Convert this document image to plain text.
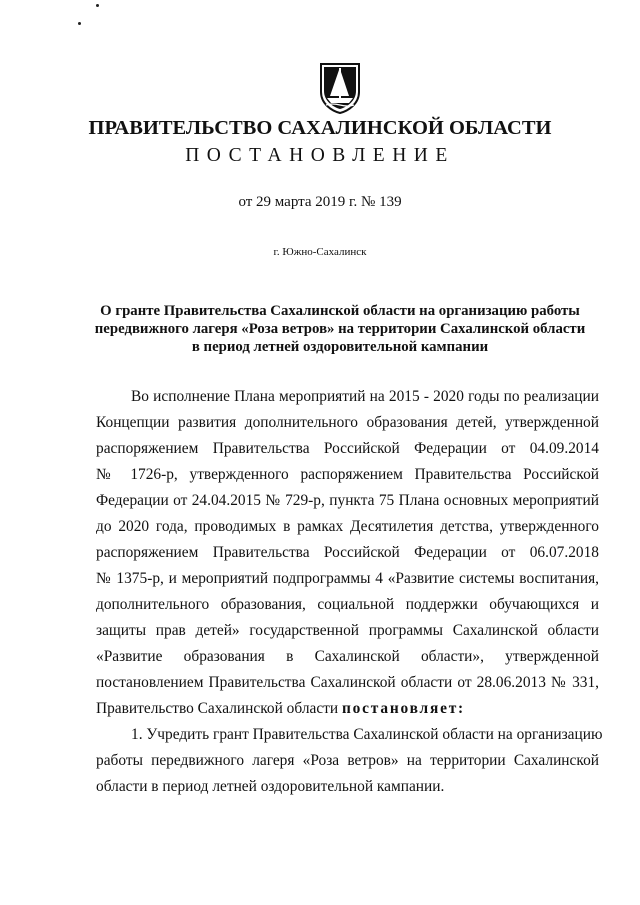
ПРАВИТЕЛЬСТВО САХАЛИНСКОЙ ОБЛАСТИ
ПОСТАНОВЛЕНИЕ
от 29 марта 2019 г. № 139
г. Южно-Сахалинск
О гранте Правительства Сахалинской области на организацию работы
передвижного лагеря «Роза ветров» на территории Сахалинской области
в период летней оздоровительной кампании
Во исполнение Плана мероприятий на 2015 - 2020 годы по реализации
Концепции развития дополнительного образования детей, утвержденной
распоряжением Правительства Российской Федерации от 04.09.2014
№ 1726-р, утвержденного распоряжением Правительства Российской
Федерации от 24.04.2015 № 729-р, пункта 75 Плана основных мероприятий
до 2020 года, проводимых в рамках Десятилетия детства, утвержденного
распоряжением Правительства Российской Федерации от 06.07.2018
№ 1375-р, и мероприятий подпрограммы 4 «Развитие системы воспитания,
дополнительного образования, социальной поддержки обучающихся и
защиты прав детей» государственной программы Сахалинской области
«Развитие образования в Сахалинской области», утвержденной
постановлением Правительства Сахалинской области от 28.06.2013 № 331,
Правительство Сахалинской области постановляет:
1. Учредить грант Правительства Сахалинской области на организацию
работы передвижного лагеря «Роза ветров» на территории Сахалинской
области в период летней оздоровительной кампании.
